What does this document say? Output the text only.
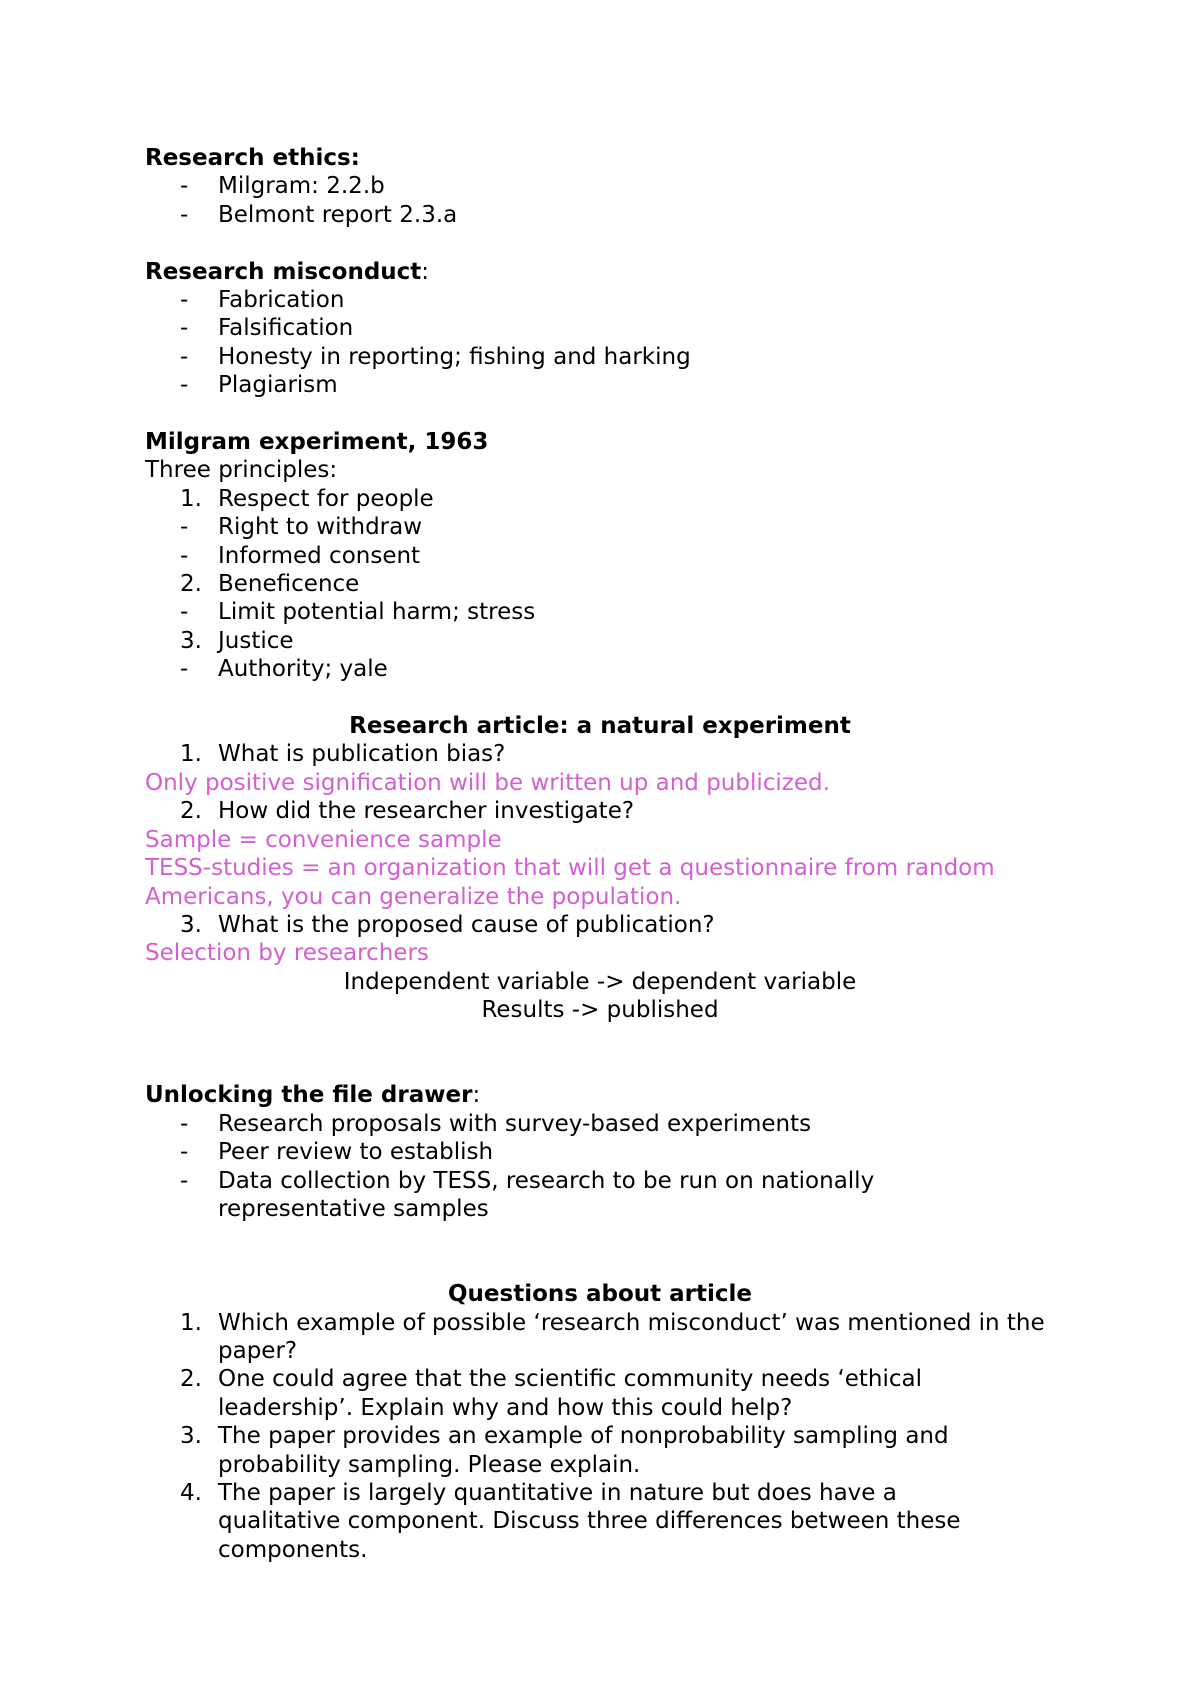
Research ethics:

-	Milgram: 2.2.b
-	Belmont report 2.3.a

Research misconduct:

-	Fabrication
-	Falsification
-	Honesty in reporting; fishing and harking
-	Plagiarism

Milgram experiment, 1963

Three principles:

1. Respect for people
-	Right to withdraw
-	Informed consent
2. Beneficence
-	Limit potential harm; stress
3. Justice
-	Authority; yale

Research article: a natural experiment

1. What is publication bias?

Only positive signification will be written up and publicized.

2. How did the researcher investigate?

Sample = convenience sample

TESS-studies = an organization that will get a questionnaire from random

Americans, you can generalize the population.

3. What is the proposed cause of publication?

Selection by researchers

Independent variable -> dependent variable

Results -> published

Unlocking the file drawer:

-	Research proposals with survey-based experiments
-	Peer review to establish
-	Data collection by TESS, research to be run on nationally representative samples

Questions about article

1. Which example of possible ‘research misconduct’ was mentioned in the paper?
2. One could agree that the scientific community needs ‘ethical leadership’. Explain why and how this could help?
3. The paper provides an example of nonprobability sampling and probability sampling. Please explain.
4. The paper is largely quantitative in nature but does have a qualitative component. Discuss three differences between these components.
